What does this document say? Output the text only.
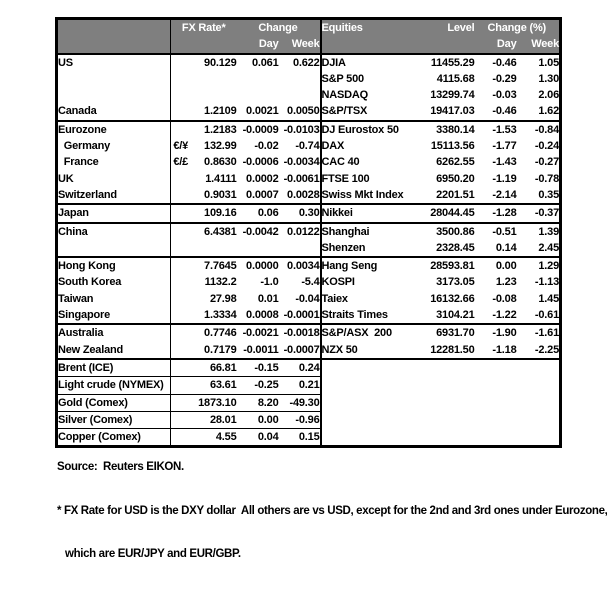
	FX Rate*		Change		Equities	Level	Change (%)	
			Day	Week			Day	Week
US		90.129	0.061	0.622	DJIA	11455.29	-0.46	1.05
					S&P 500	4115.68	-0.29	1.30
					NASDAQ	13299.74	-0.03	2.06
Canada		1.2109	0.0021	0.0050	S&P/TSX	19417.03	-0.46	1.62
Eurozone		1.2183	-0.0009	-0.0103	DJ Eurostox 50	3380.14	-1.53	-0.84
Germany	€/¥	132.99	-0.02	-0.74	DAX	15113.56	-1.77	-0.24
France	€/£	0.8630	-0.0006	-0.0034	CAC 40	6262.55	-1.43	-0.27
UK		1.4111	0.0002	-0.0061	FTSE 100	6950.20	-1.19	-0.78
Switzerland		0.9031	0.0007	0.0028	Swiss Mkt Index	2201.51	-2.14	0.35
Japan		109.16	0.06	0.30	Nikkei	28044.45	-1.28	-0.37
China		6.4381	-0.0042	0.0122	Shanghai	3500.86	-0.51	1.39
					Shenzen	2328.45	0.14	2.45
Hong Kong		7.7645	0.0000	0.0034	Hang Seng	28593.81	0.00	1.29
South Korea		1132.2	-1.0	-5.4	KOSPI	3173.05	1.23	-1.13
Taiwan		27.98	0.01	-0.04	Taiex	16132.66	-0.08	1.45
Singapore		1.3334	0.0008	-0.0001	Straits Times	3104.21	-1.22	-0.61
Australia		0.7746	-0.0021	-0.0018	S&P/ASX  200	6931.70	-1.90	-1.61
New Zealand		0.7179	-0.0011	-0.0007	NZX 50	12281.50	-1.18	-2.25
Brent (ICE)		66.81	-0.15	0.24				
Light crude (NYMEX)		63.61	-0.25	0.21				
Gold (Comex)		1873.10	8.20	-49.30				
Silver (Comex)		28.01	0.00	-0.96				
Copper (Comex)		4.55	0.04	0.15				

Source:  Reuters EIKON.

* FX Rate for USD is the DXY dollar  All others are vs USD, except for the 2nd and 3rd ones under Eurozone,

which are EUR/JPY and EUR/GBP.
